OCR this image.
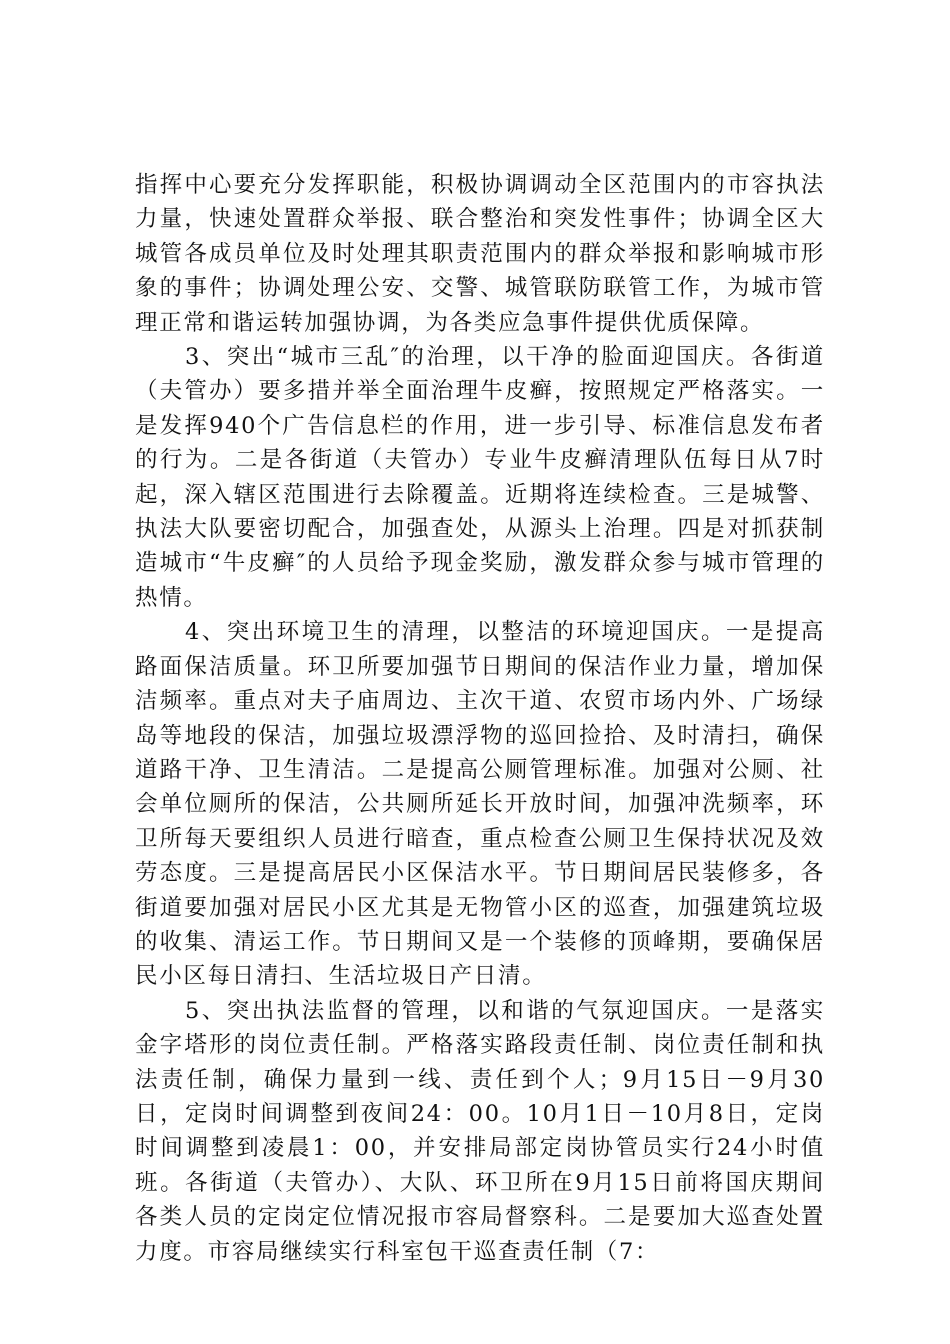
指挥中心要充分发挥职能，积极协调调动全区范围内的市容执法力量，快速处置群众举报、联合整治和突发性事件；协调全区大城管各成员单位及时处理其职责范围内的群众举报和影响城市形象的事件；协调处理公安、交警、城管联防联管工作，为城市管理正常和谐运转加强协调，为各类应急事件提供优质保障。

3、突出“城市三乱″的治理，以干净的脸面迎国庆。各街道（夫管办）要多措并举全面治理牛皮癣，按照规定严格落实。一是发挥940个广告信息栏的作用，进一步引导、标准信息发布者的行为。二是各街道（夫管办）专业牛皮癣清理队伍每日从7时起，深入辖区范围进行去除覆盖。近期将连续检查。三是城警、执法大队要密切配合，加强查处，从源头上治理。四是对抓获制造城市“牛皮癣″的人员给予现金奖励，激发群众参与城市管理的热情。

4、突出环境卫生的清理，以整洁的环境迎国庆。一是提高路面保洁质量。环卫所要加强节日期间的保洁作业力量，增加保洁频率。重点对夫子庙周边、主次干道、农贸市场内外、广场绿岛等地段的保洁，加强垃圾漂浮物的巡回捡拾、及时清扫，确保道路干净、卫生清洁。二是提高公厕管理标准。加强对公厕、社会单位厕所的保洁，公共厕所延长开放时间，加强冲洗频率，环卫所每天要组织人员进行暗查，重点检查公厕卫生保持状况及效劳态度。三是提高居民小区保洁水平。节日期间居民装修多，各街道要加强对居民小区尤其是无物管小区的巡查，加强建筑垃圾的收集、清运工作。节日期间又是一个装修的顶峰期，要确保居民小区每日清扫、生活垃圾日产日清。

5、突出执法监督的管理，以和谐的气氛迎国庆。一是落实金字塔形的岗位责任制。严格落实路段责任制、岗位责任制和执法责任制，确保力量到一线、责任到个人；9月15日－9月30日，定岗时间调整到夜间24：00。10月1日－10月8日，定岗时间调整到凌晨1：00，并安排局部定岗协管员实行24小时值班。各街道（夫管办）、大队、环卫所在9月15日前将国庆期间各类人员的定岗定位情况报市容局督察科。二是要加大巡查处置力度。市容局继续实行科室包干巡查责任制（7：
